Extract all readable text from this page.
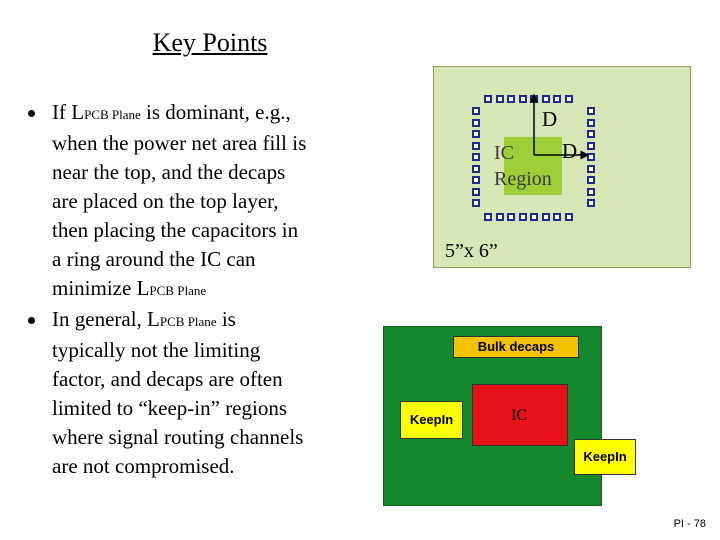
Key Points
If LPCB Plane is dominant, e.g.,
when the power net area fill is
near the top, and the decaps
are placed on the top layer,
then placing the capacitors in
a ring around the IC can
minimize LPCB Plane
In general, LPCB Plane is
typically not the limiting
factor, and decaps are often
limited to “keep-in” regions
where signal routing channels
are not compromised.
D
D
IC
Region
5”x 6”
Bulk decaps
IC
KeepIn
KeepIn
PI - 78
